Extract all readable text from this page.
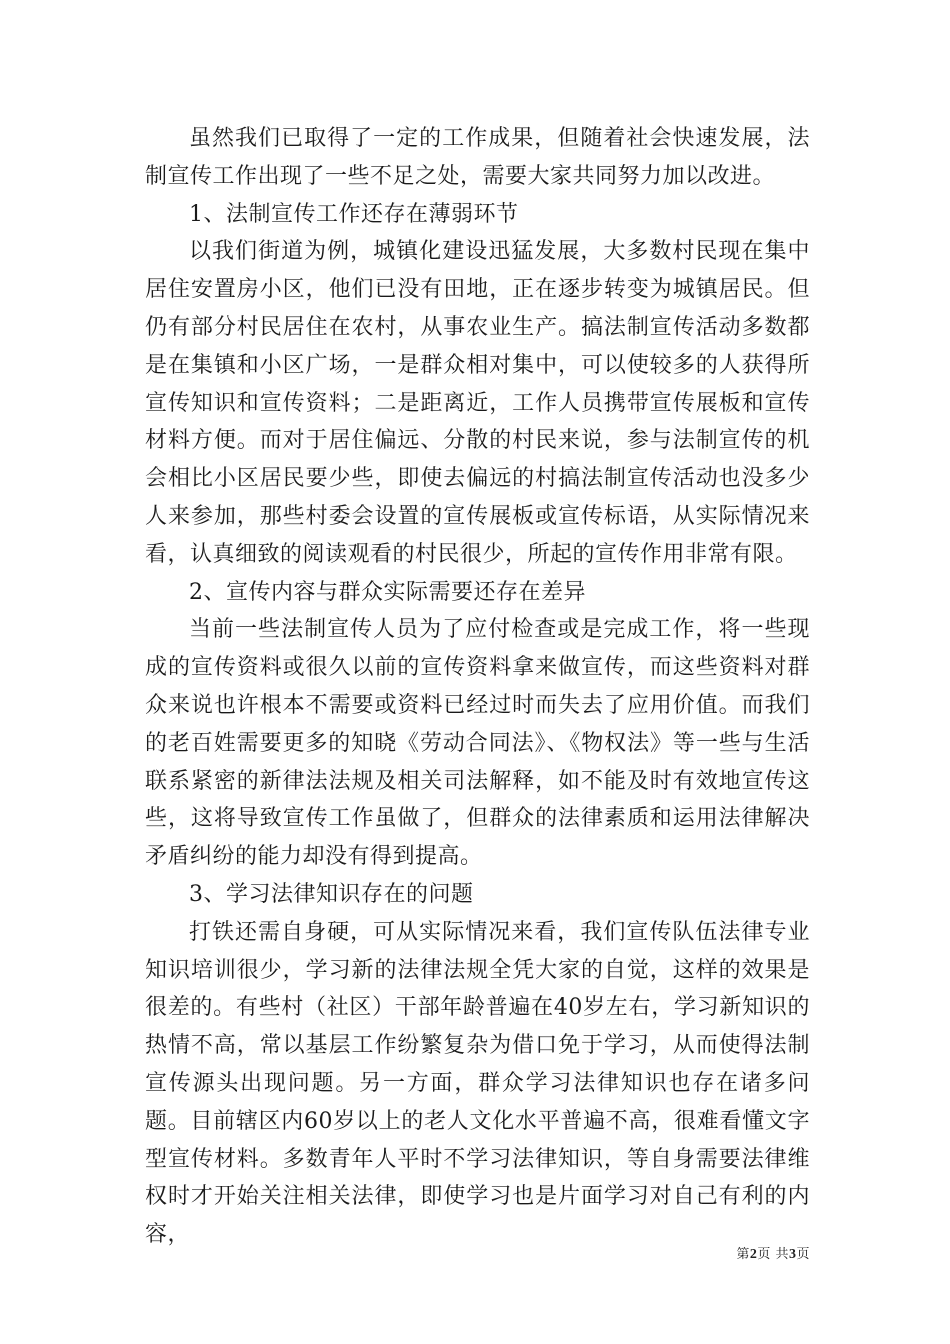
虽然我们已取得了一定的工作成果，但随着社会快速发展，法制宣传工作出现了一些不足之处，需要大家共同努力加以改进。

1、法制宣传工作还存在薄弱环节

以我们街道为例，城镇化建设迅猛发展，大多数村民现在集中居住安置房小区，他们已没有田地，正在逐步转变为城镇居民。但仍有部分村民居住在农村，从事农业生产。搞法制宣传活动多数都是在集镇和小区广场，一是群众相对集中，可以使较多的人获得所宣传知识和宣传资料；二是距离近，工作人员携带宣传展板和宣传材料方便。而对于居住偏远、分散的村民来说，参与法制宣传的机会相比小区居民要少些，即使去偏远的村搞法制宣传活动也没多少人来参加，那些村委会设置的宣传展板或宣传标语，从实际情况来看，认真细致的阅读观看的村民很少，所起的宣传作用非常有限。

2、宣传内容与群众实际需要还存在差异

当前一些法制宣传人员为了应付检查或是完成工作，将一些现成的宣传资料或很久以前的宣传资料拿来做宣传，而这些资料对群众来说也许根本不需要或资料已经过时而失去了应用价值。而我们的老百姓需要更多的知晓《劳动合同法》、《物权法》等一些与生活联系紧密的新律法法规及相关司法解释，如不能及时有效地宣传这些，这将导致宣传工作虽做了，但群众的法律素质和运用法律解决矛盾纠纷的能力却没有得到提高。

3、学习法律知识存在的问题

打铁还需自身硬，可从实际情况来看，我们宣传队伍法律专业知识培训很少，学习新的法律法规全凭大家的自觉，这样的效果是很差的。有些村（社区）干部年龄普遍在40岁左右，学习新知识的热情不高，常以基层工作纷繁复杂为借口免于学习，从而使得法制宣传源头出现问题。另一方面，群众学习法律知识也存在诸多问题。目前辖区内60岁以上的老人文化水平普遍不高，很难看懂文字型宣传材料。多数青年人平时不学习法律知识，等自身需要法律维权时才开始关注相关法律，即使学习也是片面学习对自己有利的内容，

第2页 共3页
